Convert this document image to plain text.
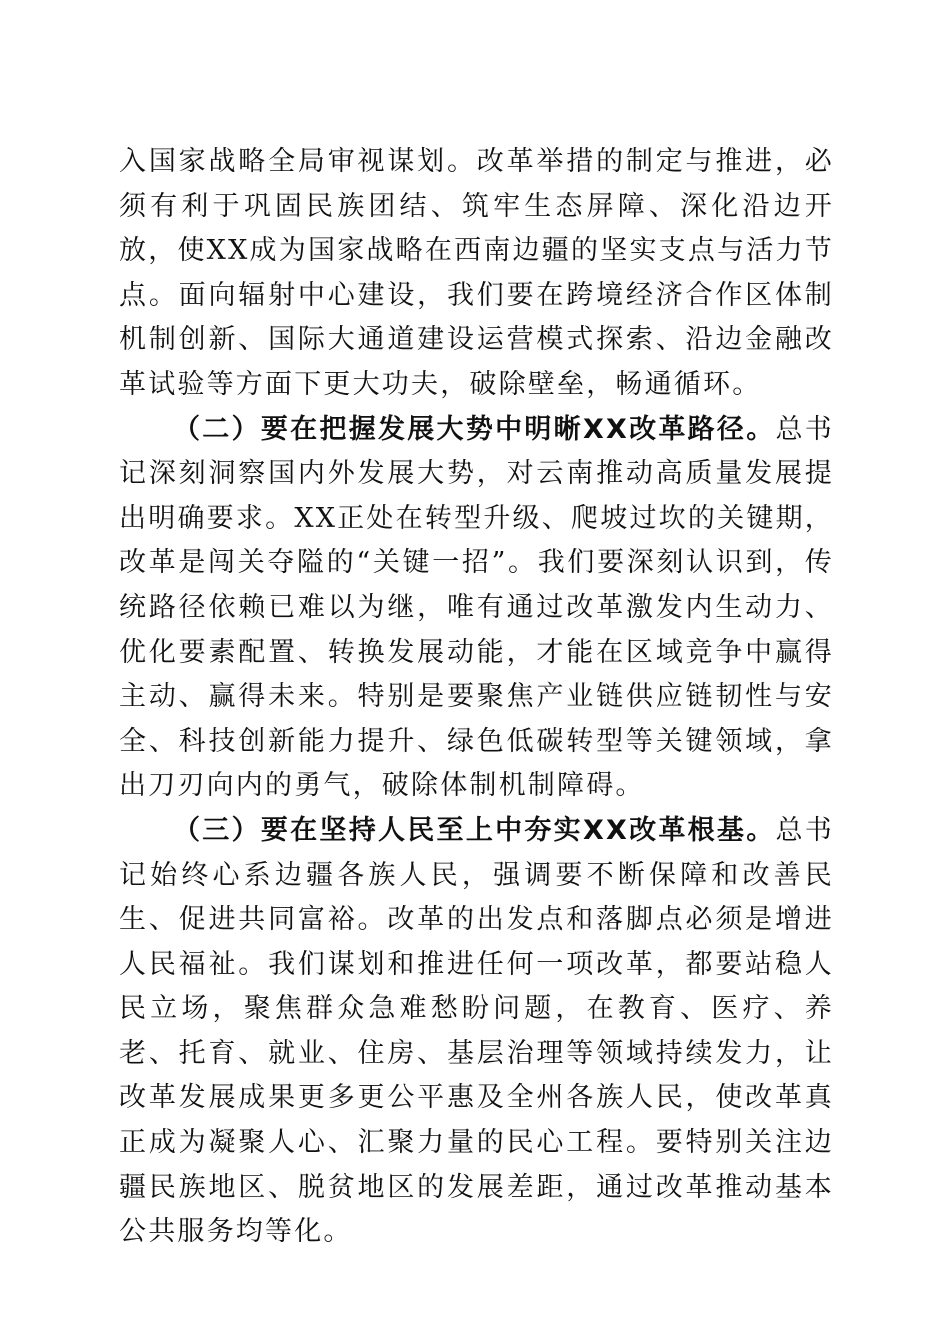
入国家战略全局审视谋划。改革举措的制定与推进，必须有利于巩固民族团结、筑牢生态屏障、深化沿边开放，使XX成为国家战略在西南边疆的坚实支点与活力节点。面向辐射中心建设，我们要在跨境经济合作区体制机制创新、国际大通道建设运营模式探索、沿边金融改革试验等方面下更大功夫，破除壁垒，畅通循环。

（二）要在把握发展大势中明晰XX改革路径。总书记深刻洞察国内外发展大势，对云南推动高质量发展提出明确要求。XX正处在转型升级、爬坡过坎的关键期，改革是闯关夺隘的“关键一招”。我们要深刻认识到，传统路径依赖已难以为继，唯有通过改革激发内生动力、优化要素配置、转换发展动能，才能在区域竞争中赢得主动、赢得未来。特别是要聚焦产业链供应链韧性与安全、科技创新能力提升、绿色低碳转型等关键领域，拿出刀刃向内的勇气，破除体制机制障碍。

（三）要在坚持人民至上中夯实XX改革根基。总书记始终心系边疆各族人民，强调要不断保障和改善民生、促进共同富裕。改革的出发点和落脚点必须是增进人民福祉。我们谋划和推进任何一项改革，都要站稳人民立场，聚焦群众急难愁盼问题，在教育、医疗、养老、托育、就业、住房、基层治理等领域持续发力，让改革发展成果更多更公平惠及全州各族人民，使改革真正成为凝聚人心、汇聚力量的民心工程。要特别关注边疆民族地区、脱贫地区的发展差距，通过改革推动基本公共服务均等化。
